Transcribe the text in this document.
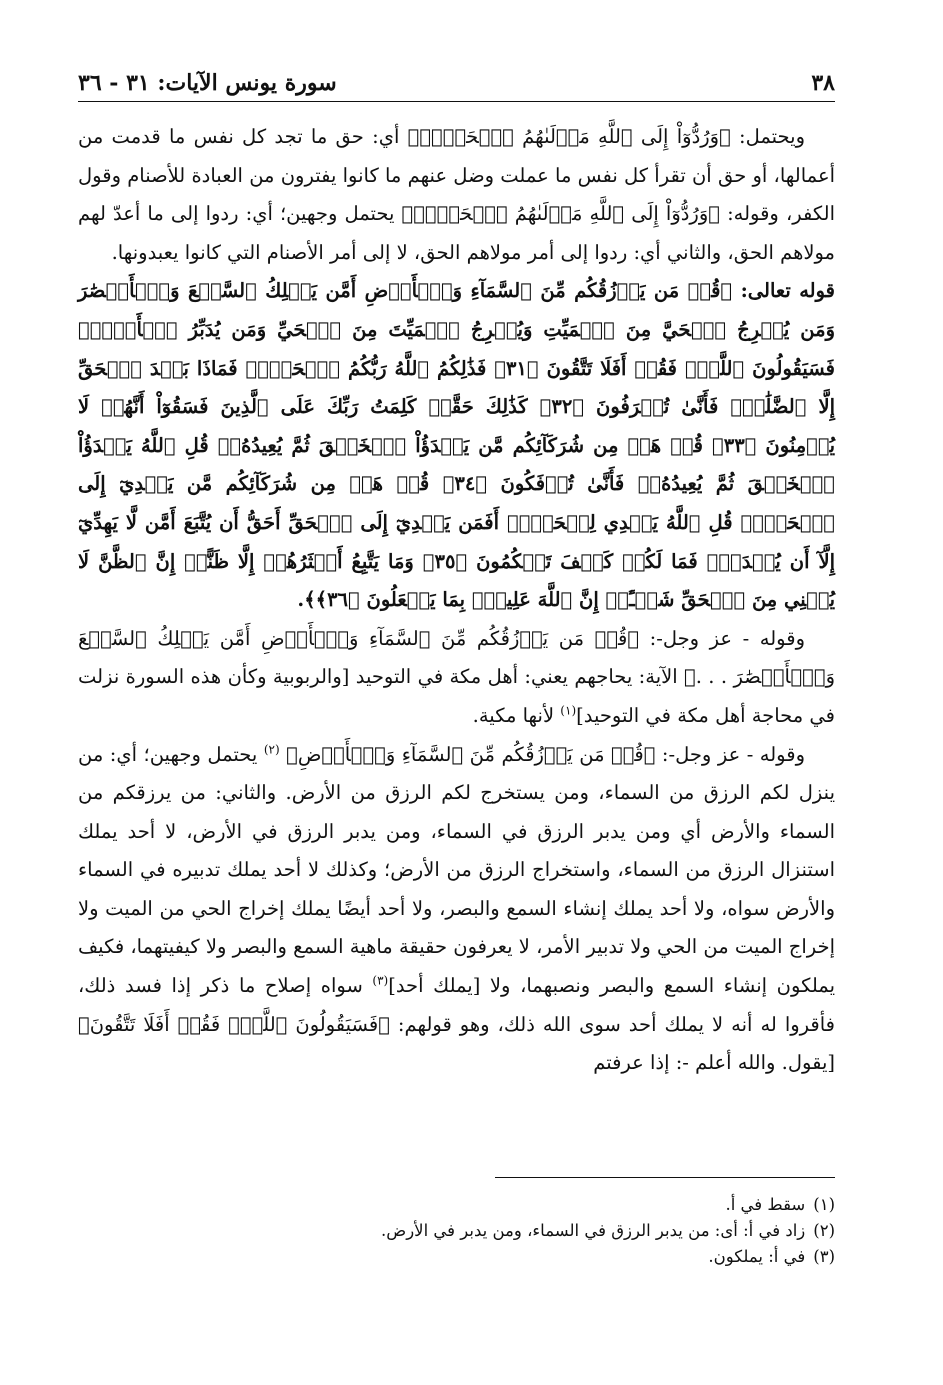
٣٨
سورة يونس الآيات: ٣١ - ٣٦

ويحتمل: ﴿وَرُدُّوٓاْ إِلَى ٱللَّهِ مَوۡلَىٰهُمُ ٱلۡحَقِّۖ﴾ أي: حق ما تجد كل نفس ما قدمت من أعمالها، أو حق أن تقرأ كل نفس ما عملت وضل عنهم ما كانوا يفترون من العبادة للأصنام وقول الكفر، وقوله: ﴿وَرُدُّوٓاْ إِلَى ٱللَّهِ مَوۡلَىٰهُمُ ٱلۡحَقِّۖ﴾ يحتمل وجهين؛ أي: ردوا إلى ما أعدّ لهم مولاهم الحق، والثاني أي: ردوا إلى أمر مولاهم الحق، لا إلى أمر الأصنام التي كانوا يعبدونها.

قوله تعالى: ﴿قُلۡ مَن يَرۡزُقُكُم مِّنَ ٱلسَّمَآءِ وَٱلۡأَرۡضِ أَمَّن يَمۡلِكُ ٱلسَّمۡعَ وَٱلۡأَبۡصَٰرَ وَمَن يُخۡرِجُ ٱلۡحَيَّ مِنَ ٱلۡمَيِّتِ وَيُخۡرِجُ ٱلۡمَيِّتَ مِنَ ٱلۡحَيِّ وَمَن يُدَبِّرُ ٱلۡأَمۡرَۚ فَسَيَقُولُونَ ٱللَّهُۚ فَقُلۡ أَفَلَا تَتَّقُونَ ﴿٣١﴾ فَذَٰلِكُمُ ٱللَّهُ رَبُّكُمُ ٱلۡحَقُّۖ فَمَاذَا بَعۡدَ ٱلۡحَقِّ إِلَّا ٱلضَّلَٰلُۖ فَأَنَّىٰ تُصۡرَفُونَ ﴿٣٢﴾ كَذَٰلِكَ حَقَّتۡ كَلِمَتُ رَبِّكَ عَلَى ٱلَّذِينَ فَسَقُوٓاْ أَنَّهُمۡ لَا يُؤۡمِنُونَ ﴿٣٣﴾ قُلۡ هَلۡ مِن شُرَكَآئِكُم مَّن يَبۡدَؤُاْ ٱلۡخَلۡقَ ثُمَّ يُعِيدُهُۥۚ قُلِ ٱللَّهُ يَبۡدَؤُاْ ٱلۡخَلۡقَ ثُمَّ يُعِيدُهُۥۖ فَأَنَّىٰ تُؤۡفَكُونَ ﴿٣٤﴾ قُلۡ هَلۡ مِن شُرَكَآئِكُم مَّن يَهۡدِيٓ إِلَى ٱلۡحَقِّۚ قُلِ ٱللَّهُ يَهۡدِي لِلۡحَقِّۗ أَفَمَن يَهۡدِيٓ إِلَى ٱلۡحَقِّ أَحَقُّ أَن يُتَّبَعَ أَمَّن لَّا يَهِدِّيٓ إِلَّآ أَن يُهۡدَىٰۖ فَمَا لَكُمۡ كَيۡفَ تَحۡكُمُونَ ﴿٣٥﴾ وَمَا يَتَّبِعُ أَكۡثَرُهُمۡ إِلَّا ظَنًّاۚ إِنَّ ٱلظَّنَّ لَا يُغۡنِي مِنَ ٱلۡحَقِّ شَيۡـًٔاۚ إِنَّ ٱللَّهَ عَلِيمُۢ بِمَا يَفۡعَلُونَ ﴿٣٦﴾﴾.

وقوله - عز وجل-: ﴿قُلۡ مَن يَرۡزُقُكُم مِّنَ ٱلسَّمَآءِ وَٱلۡأَرۡضِ أَمَّن يَمۡلِكُ ٱلسَّمۡعَ وَٱلۡأَبۡصَٰرَ . . .﴾ الآية: يحاجهم يعني: أهل مكة في التوحيد [والربوبية وكأن هذه السورة نزلت في محاجة أهل مكة في التوحيد]$^{(١)}$ لأنها مكية.

وقوله - عز وجل-: ﴿قُلۡ مَن يَرۡزُقُكُم مِّنَ ٱلسَّمَآءِ وَٱلۡأَرۡضِ﴾ $^{(٢)}$ يحتمل وجهين؛ أي: من ينزل لكم الرزق من السماء، ومن يستخرج لكم الرزق من الأرض. والثاني: من يرزقكم من السماء والأرض أي ومن يدبر الرزق في السماء، ومن يدبر الرزق في الأرض، لا أحد يملك استنزال الرزق من السماء، واستخراج الرزق من الأرض؛ وكذلك لا أحد يملك تدبيره في السماء والأرض سواه، ولا أحد يملك إنشاء السمع والبصر، ولا أحد أيضًا يملك إخراج الحي من الميت ولا إخراج الميت من الحي ولا تدبير الأمر، لا يعرفون حقيقة ماهية السمع والبصر ولا كيفيتهما، فكيف يملكون إنشاء السمع والبصر ونصبهما، ولا [يملك أحد]$^{(٣)}$ سواه إصلاح ما ذكر إذا فسد ذلك، فأقروا له أنه لا يملك أحد سوى الله ذلك، وهو قولهم: ﴿فَسَيَقُولُونَ ٱللَّهُۚ فَقُلۡ أَفَلَا تَتَّقُونَ﴾ [يقول. والله أعلم -: إذا عرفتم

(١)سقط في أ.

(٢)زاد في أ: أى: من يدبر الرزق في السماء، ومن يدبر في الأرض.

(٣)في أ: يملكون.
